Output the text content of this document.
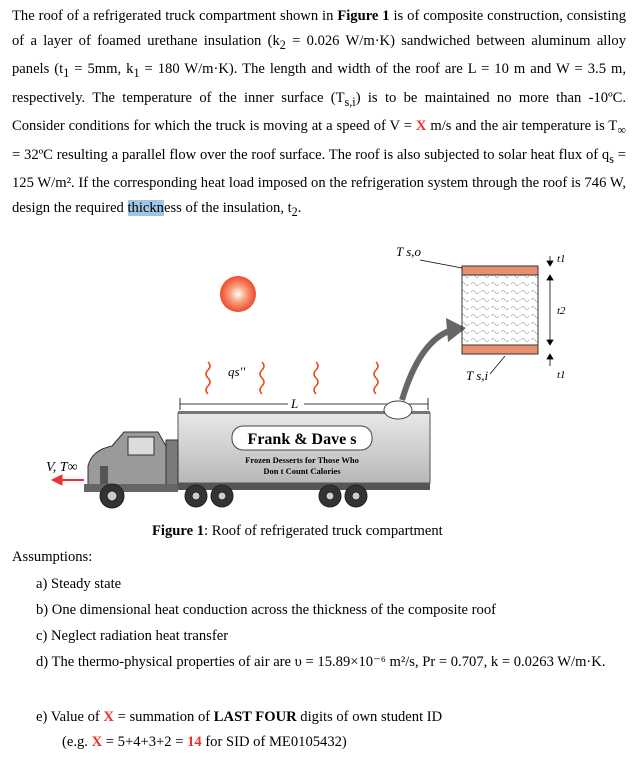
The roof of a refrigerated truck compartment shown in Figure 1 is of composite construction, consisting of a layer of foamed urethane insulation ($k_2 = 0.026$ W/m·K) sandwiched between aluminum alloy panels ($t_1 = 5mm$, $k_1 = 180$ W/m·K). The length and width of the roof are L = 10 m and W = 3.5 m, respectively. The temperature of the inner surface $(T_{s,i})$ is to be maintained no more than -10ºC. Consider conditions for which the truck is moving at a speed of V = X m/s and the air temperature is $T_\infty$ = 32ºC resulting a parallel flow over the roof surface. The roof is also subjected to solar heat flux of $q_s = 125$ W/m². If the corresponding heat load imposed on the refrigeration system through the roof is 746 W, design the required thickness of the insulation, $t_2$.
qs''
L
Frank & Dave s
Frozen Desserts for Those Who
Don t Count Calories
V, T∞
T s,o
T s,i
t1
t2
t1
Figure 1: Roof of refrigerated truck compartment
Assumptions:
a) Steady state
b) One dimensional heat conduction across the thickness of the composite roof
c) Neglect radiation heat transfer
d) The thermo-physical properties of air are υ = 15.89×10⁻⁶ m²/s, Pr = 0.707, k = 0.0263 W/m·K.
e) Value of X = summation of LAST FOUR digits of own student ID
(e.g. X = 5+4+3+2 = 14 for SID of ME0105432)
